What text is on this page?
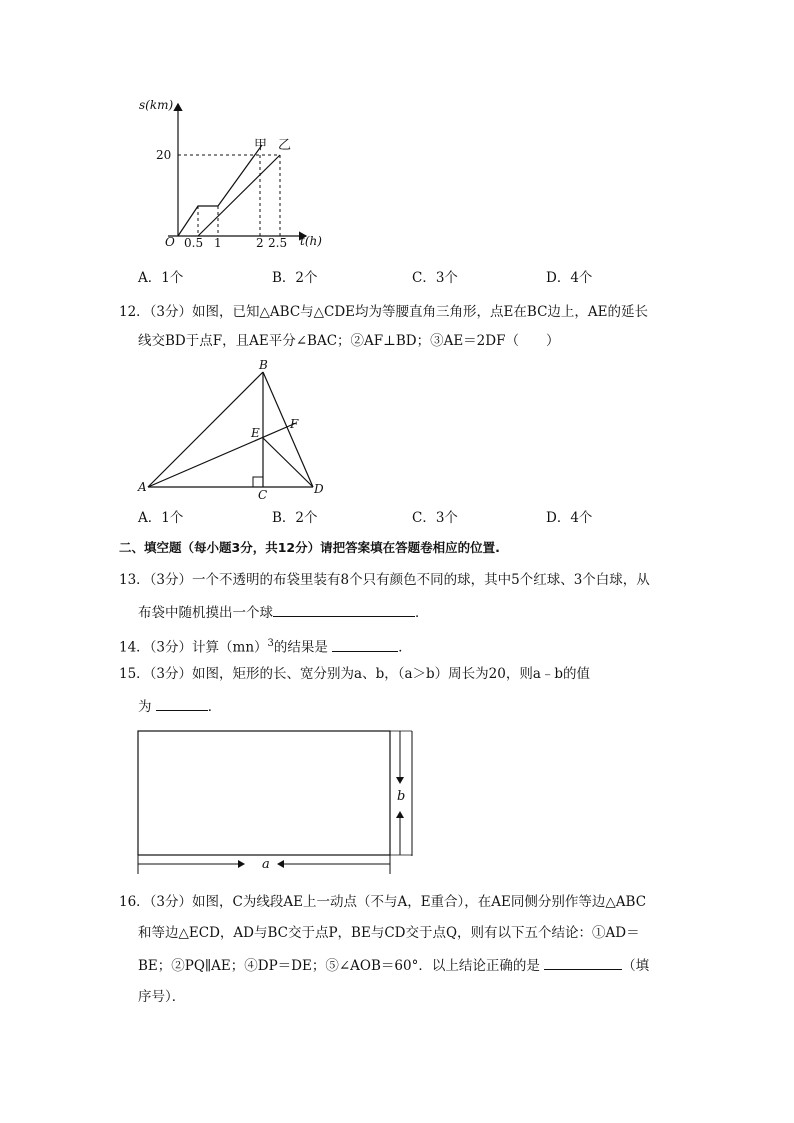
s(km)
20
O 0.5 1	2 2.5 t(h)
甲 乙
A．1个	B．2个	C．3个	D．4个
12．（3分）如图，已知△ABC与△CDE均为等腰直角三角形，点E在BC边上，AE的延长
线交BD于点F，且AE平分∠BAC；②AF⊥BD；③AE＝2DF（　　）
A
B
C	D
E
F
A．1个	B．2个	C．3个	D．4个
二、填空题（每小题3分，共12分）请把答案填在答题卷相应的位置.
13．（3分）一个不透明的布袋里装有8个只有颜色不同的球，其中5个红球、3个白球，从
布袋中随机摸出一个球	．
14．（3分）计算（mn）$^3$的结果是	．
15．（3分）如图，矩形的长、宽分别为a、b，（a＞b）周长为20，则a﹣b的值
为	．
b
a
16．（3分）如图，C为线段AE上一动点（不与A，E重合），在AE同侧分别作等边△ABC
和等边△ECD，AD与BC交于点P，BE与CD交于点Q，则有以下五个结论：①AD＝
BE；②PQ∥AE；④DP＝DE；⑤∠AOB＝60°．以上结论正确的是	（填
序号）．
